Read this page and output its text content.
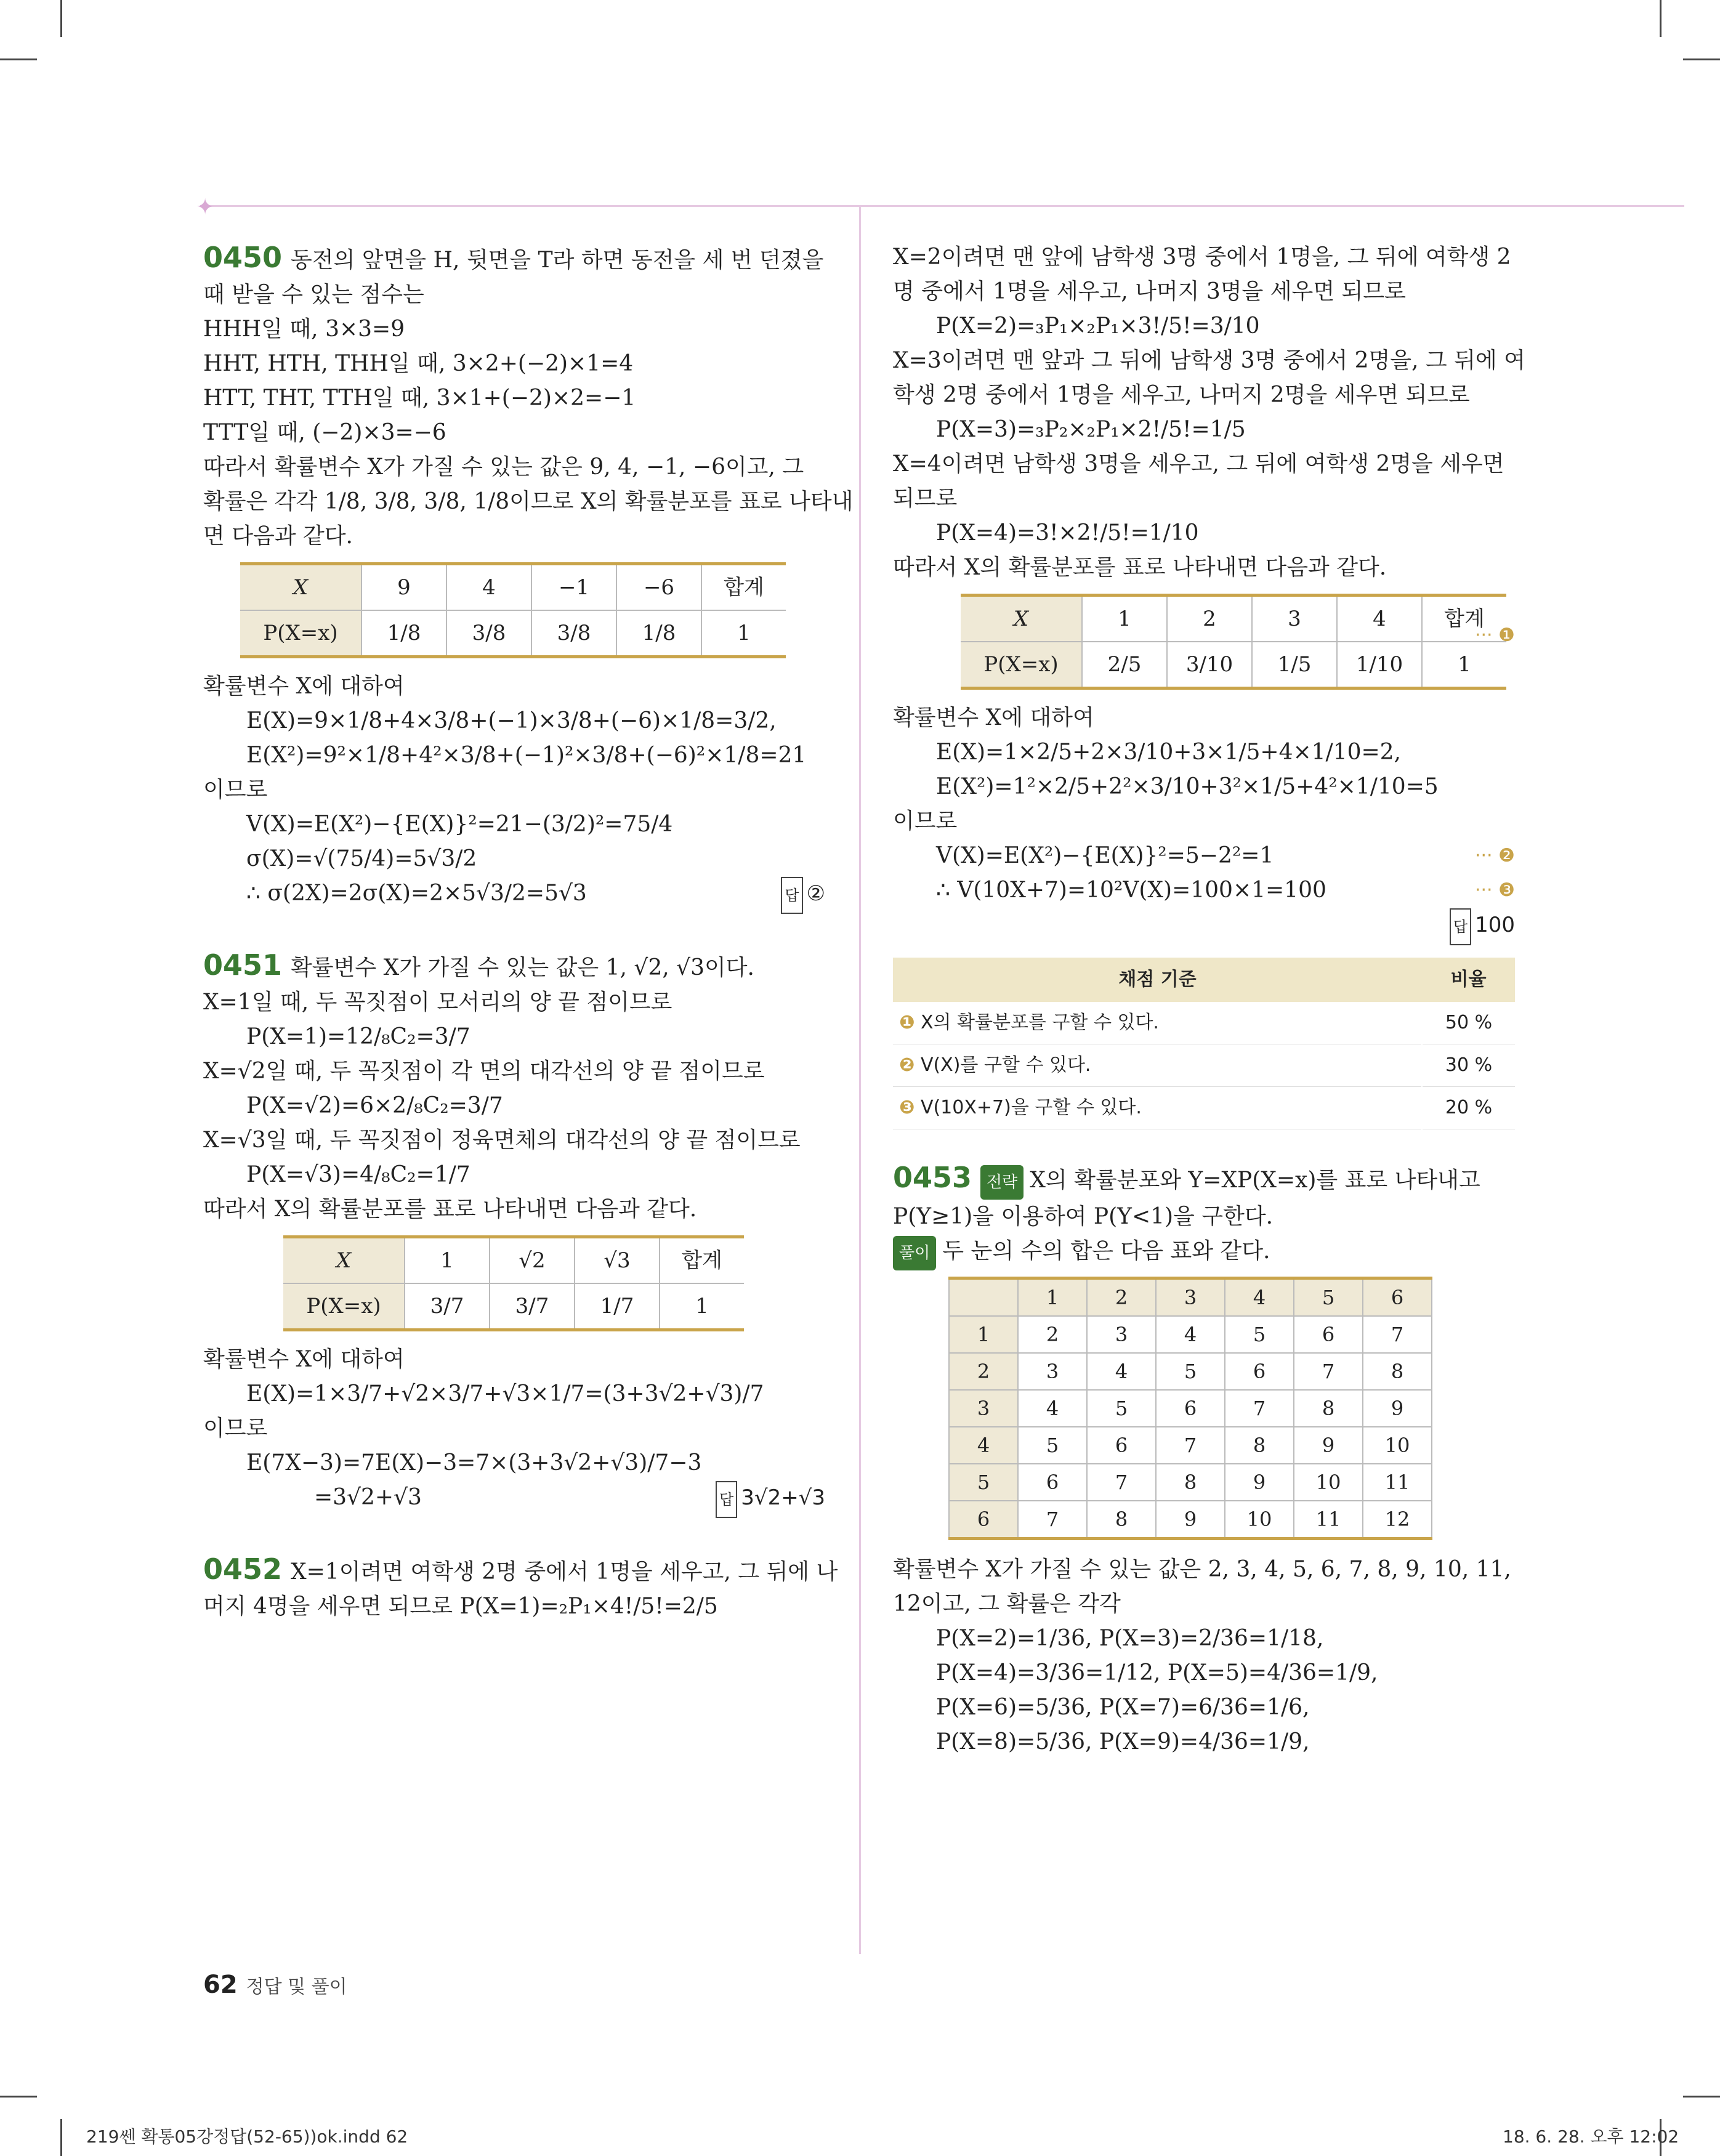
✦

0450 동전의 앞면을 H, 뒷면을 T라 하면 동전을 세 번 던졌을

때 받을 수 있는 점수는

HHH일 때, 3×3=9

HHT, HTH, THH일 때, 3×2+(−2)×1=4

HTT, THT, TTH일 때, 3×1+(−2)×2=−1

TTT일 때, (−2)×3=−6

따라서 확률변수 X가 가질 수 있는 값은 9, 4, −1, −6이고, 그

확률은 각각 1/8, 3/8, 3/8, 1/8이므로 X의 확률분포를 표로 나타내

면 다음과 같다.

X	9	4	−1	−6	합계
P(X=x)	1/8	3/8	3/8	1/8	1

확률변수 X에 대하여

E(X)=9×1/8+4×3/8+(−1)×3/8+(−6)×1/8=3/2,

E(X²)=9²×1/8+4²×3/8+(−1)²×3/8+(−6)²×1/8=21

이므로

V(X)=E(X²)−{E(X)}²=21−(3/2)²=75/4

σ(X)=√(75/4)=5√3/2

∴ σ(2X)=2σ(X)=2×5√3/2=5√3	답 ②

0451 확률변수 X가 가질 수 있는 값은 1, √2, √3이다.

X=1일 때, 두 꼭짓점이 모서리의 양 끝 점이므로

P(X=1)=12/₈C₂=3/7

X=√2일 때, 두 꼭짓점이 각 면의 대각선의 양 끝 점이므로

P(X=√2)=6×2/₈C₂=3/7

X=√3일 때, 두 꼭짓점이 정육면체의 대각선의 양 끝 점이므로

P(X=√3)=4/₈C₂=1/7

따라서 X의 확률분포를 표로 나타내면 다음과 같다.

X	1	√2	√3	합계
P(X=x)	3/7	3/7	1/7	1

확률변수 X에 대하여

E(X)=1×3/7+√2×3/7+√3×1/7=(3+3√2+√3)/7

이므로

E(7X−3)=7E(X)−3=7×(3+3√2+√3)/7−3

=3√2+√3	답 3√2+√3

0452 X=1이려면 여학생 2명 중에서 1명을 세우고, 그 뒤에 나

머지 4명을 세우면 되므로 P(X=1)=₂P₁×4!/5!=2/5

X=2이려면 맨 앞에 남학생 3명 중에서 1명을, 그 뒤에 여학생 2

명 중에서 1명을 세우고, 나머지 3명을 세우면 되므로

P(X=2)=₃P₁×₂P₁×3!/5!=3/10

X=3이려면 맨 앞과 그 뒤에 남학생 3명 중에서 2명을, 그 뒤에 여

학생 2명 중에서 1명을 세우고, 나머지 2명을 세우면 되므로

P(X=3)=₃P₂×₂P₁×2!/5!=1/5

X=4이려면 남학생 3명을 세우고, 그 뒤에 여학생 2명을 세우면

되므로

P(X=4)=3!×2!/5!=1/10

따라서 X의 확률분포를 표로 나타내면 다음과 같다.

X	1	2	3	4	합계
P(X=x)	2/5	3/10	1/5	1/10	1
··· ❶

확률변수 X에 대하여

E(X)=1×2/5+2×3/10+3×1/5+4×1/10=2,

E(X²)=1²×2/5+2²×3/10+3²×1/5+4²×1/10=5

이므로

V(X)=E(X²)−{E(X)}²=5−2²=1	··· ❷

∴ V(10X+7)=10²V(X)=100×1=100	··· ❸

답 100

채점 기준	비율
❶ X의 확률분포를 구할 수 있다.	50 %
❷ V(X)를 구할 수 있다.	30 %
❸ V(10X+7)을 구할 수 있다.	20 %

0453 전략 X의 확률분포와 Y=XP(X=x)를 표로 나타내고

P(Y≥1)을 이용하여 P(Y<1)을 구한다.

풀이 두 눈의 수의 합은 다음 표와 같다.

	1	2	3	4	5	6
1	2	3	4	5	6	7
2	3	4	5	6	7	8
3	4	5	6	7	8	9
4	5	6	7	8	9	10
5	6	7	8	9	10	11
6	7	8	9	10	11	12

확률변수 X가 가질 수 있는 값은 2, 3, 4, 5, 6, 7, 8, 9, 10, 11,

12이고, 그 확률은 각각

P(X=2)=1/36, P(X=3)=2/36=1/18,

P(X=4)=3/36=1/12, P(X=5)=4/36=1/9,

P(X=6)=5/36, P(X=7)=6/36=1/6,

P(X=8)=5/36, P(X=9)=4/36=1/9,

62 정답 및 풀이
219쎈 확통05강정답(52-65))ok.indd 62	18. 6. 28. 오후 12:02
